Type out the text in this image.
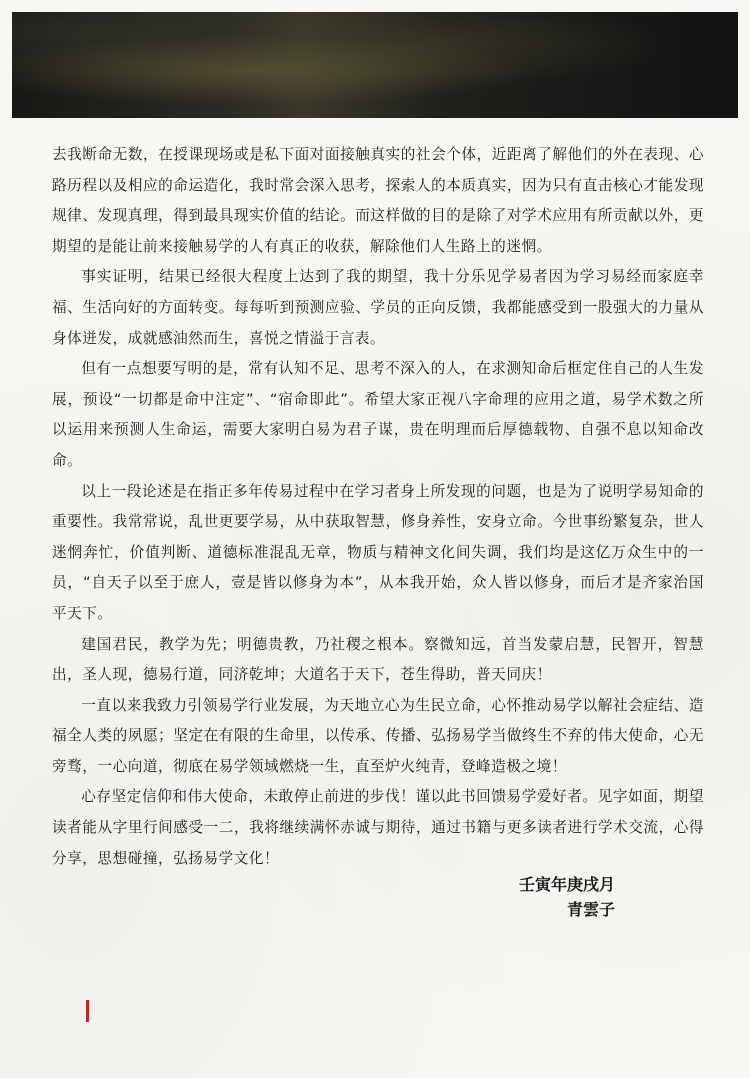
去我断命无数，在授课现场或是私下面对面接触真实的社会个体，近距离了解他们的外在表现、心路历程以及相应的命运造化，我时常会深入思考，探索人的本质真实，因为只有直击核心才能发现规律、发现真理，得到最具现实价值的结论。而这样做的目的是除了对学术应用有所贡献以外，更期望的是能让前来接触易学的人有真正的收获，解除他们人生路上的迷惘。

事实证明，结果已经很大程度上达到了我的期望，我十分乐见学易者因为学习易经而家庭幸福、生活向好的方面转变。每每听到预测应验、学员的正向反馈，我都能感受到一股强大的力量从身体迸发，成就感油然而生，喜悦之情溢于言表。

但有一点想要写明的是，常有认知不足、思考不深入的人，在求测知命后框定住自己的人生发展，预设“一切都是命中注定”、“宿命即此”。希望大家正视八字命理的应用之道，易学术数之所以运用来预测人生命运，需要大家明白易为君子谋，贵在明理而后厚德载物、自强不息以知命改命。

以上一段论述是在指正多年传易过程中在学习者身上所发现的问题，也是为了说明学易知命的重要性。我常常说，乱世更要学易，从中获取智慧，修身养性，安身立命。今世事纷繁复杂，世人迷惘奔忙，价值判断、道德标准混乱无章，物质与精神文化间失调，我们均是这亿万众生中的一员，“自天子以至于庶人，壹是皆以修身为本”，从本我开始，众人皆以修身，而后才是齐家治国平天下。

建国君民，教学为先；明德贵教，乃社稷之根本。察微知远，首当发蒙启慧，民智开，智慧出，圣人现，德易行道，同济乾坤；大道名于天下，苍生得助，普天同庆！

一直以来我致力引领易学行业发展，为天地立心为生民立命，心怀推动易学以解社会症结、造福全人类的夙愿；坚定在有限的生命里，以传承、传播、弘扬易学当做终生不弃的伟大使命，心无旁骛，一心向道，彻底在易学领域燃烧一生，直至炉火纯青，登峰造极之境！

心存坚定信仰和伟大使命，未敢停止前进的步伐！谨以此书回馈易学爱好者。见字如面，期望读者能从字里行间感受一二，我将继续满怀赤诚与期待，通过书籍与更多读者进行学术交流，心得分享，思想碰撞，弘扬易学文化！

壬寅年庚戌月
青雲子
